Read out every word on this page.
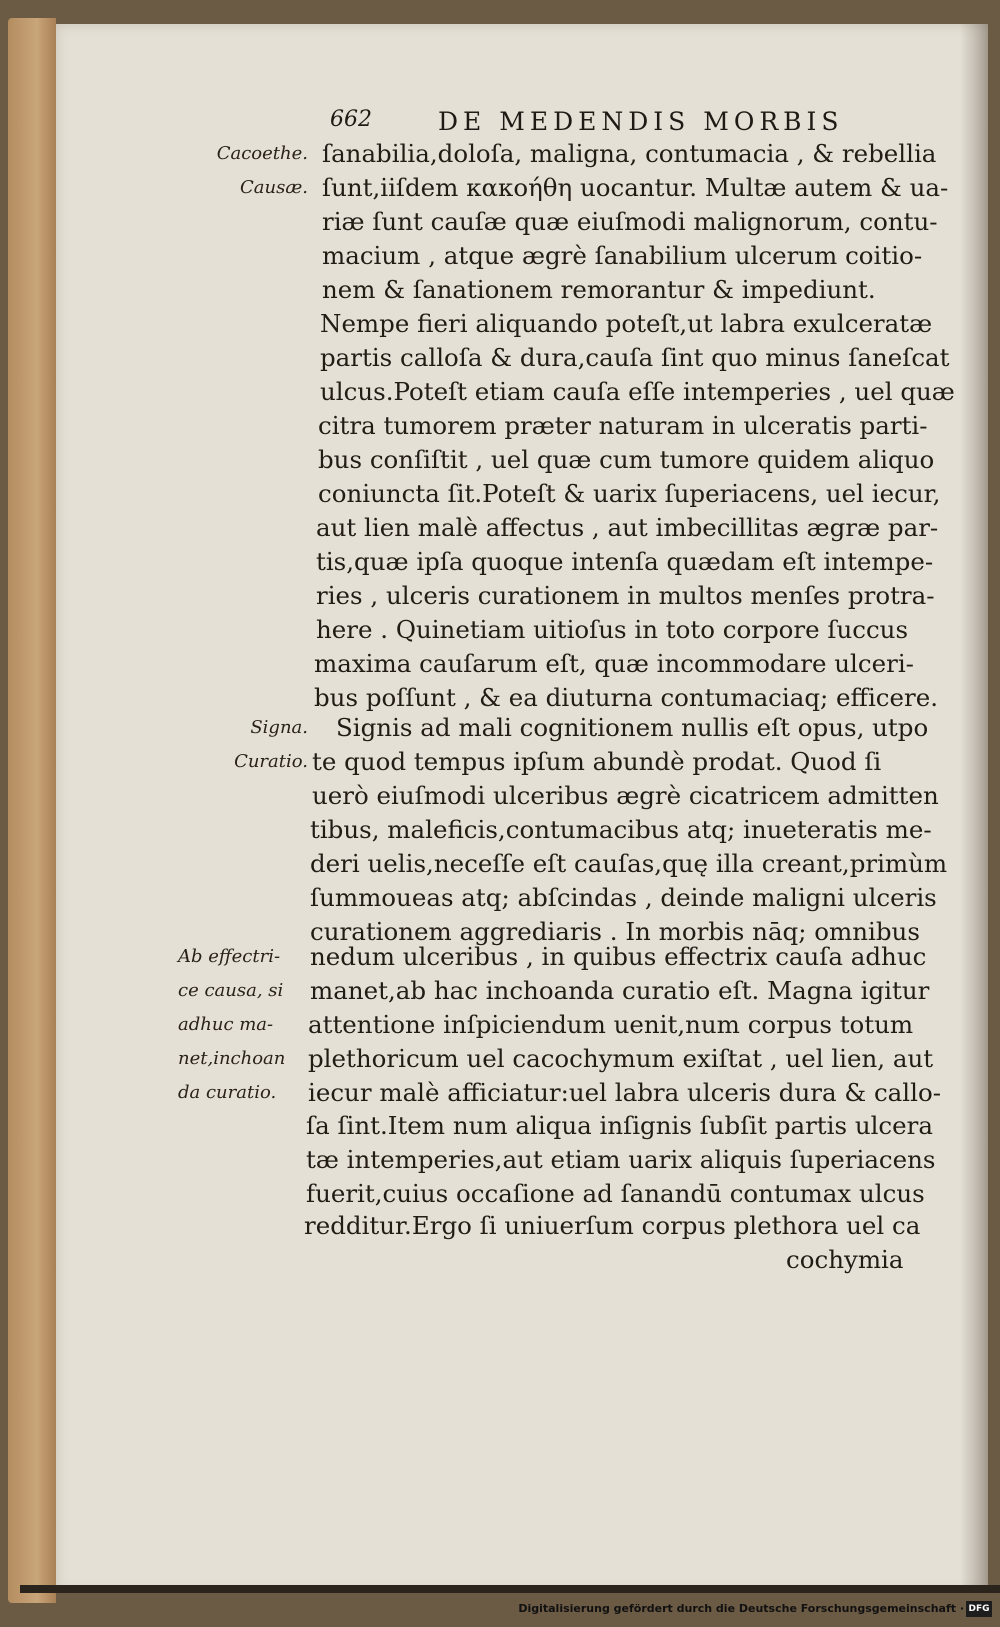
662	DE MEDENDIS MORBIS
Cacoethe.
Causæ.
Signa.
Curatio.
Ab effectri-
ce causa, si
adhuc ma-
net,inchoan
da curatio.
ſanabilia,doloſa, maligna, contumacia , & rebellia
ſunt,iiſdem κακοήθη uocantur. Multæ autem & ua-
riæ ſunt cauſæ quæ eiuſmodi malignorum, contu-
macium , atque ægrè ſanabilium ulcerum coitio-
nem & ſanationem remorantur & impediunt.
Nempe fieri aliquando poteſt,ut labra exulceratæ
partis calloſa & dura,cauſa ſint quo minus ſaneſcat
ulcus.Poteſt etiam cauſa eſſe intemperies , uel quæ
citra tumorem præter naturam in ulceratis parti-
bus conſiſtit , uel quæ cum tumore quidem aliquo
coniuncta ſit.Poteſt & uarix ſuperiacens, uel iecur,
aut lien malè affectus , aut imbecillitas ægræ par-
tis,quæ ipſa quoque intenſa quædam eſt intempe-
ries , ulceris curationem in multos menſes protra-
here . Quinetiam uitioſus in toto corpore ſuccus
maxima cauſarum eſt, quæ incommodare ulceri-
bus poſſunt , & ea diuturna contumaciaq; efficere.
Signis ad mali cognitionem nullis eſt opus, utpo
te quod tempus ipſum abundè prodat. Quod ſi
uerò eiuſmodi ulceribus ægrè cicatricem admitten
tibus, maleficis,contumacibus atq; inueteratis me-
deri uelis,neceſſe eſt cauſas,quę illa creant,primùm
ſummoueas atq; abſcindas , deinde maligni ulceris
curationem aggrediaris . In morbis nāq; omnibus
nedum ulceribus , in quibus effectrix cauſa adhuc
manet,ab hac inchoanda curatio eſt. Magna igitur
attentione inſpiciendum uenit,num corpus totum
plethoricum uel cacochymum exiſtat , uel lien, aut
iecur malè afficiatur:uel labra ulceris dura & callo-
ſa ſint.Item num aliqua inſignis ſubſit partis ulcera
tæ intemperies,aut etiam uarix aliquis ſuperiacens
fuerit,cuius occaſione ad ſanandū contumax ulcus
redditur.Ergo ſi uniuerſum corpus plethora uel ca
cochymia
Digitalisierung gefördert durch die Deutsche Forschungsgemeinschaft · DFG
